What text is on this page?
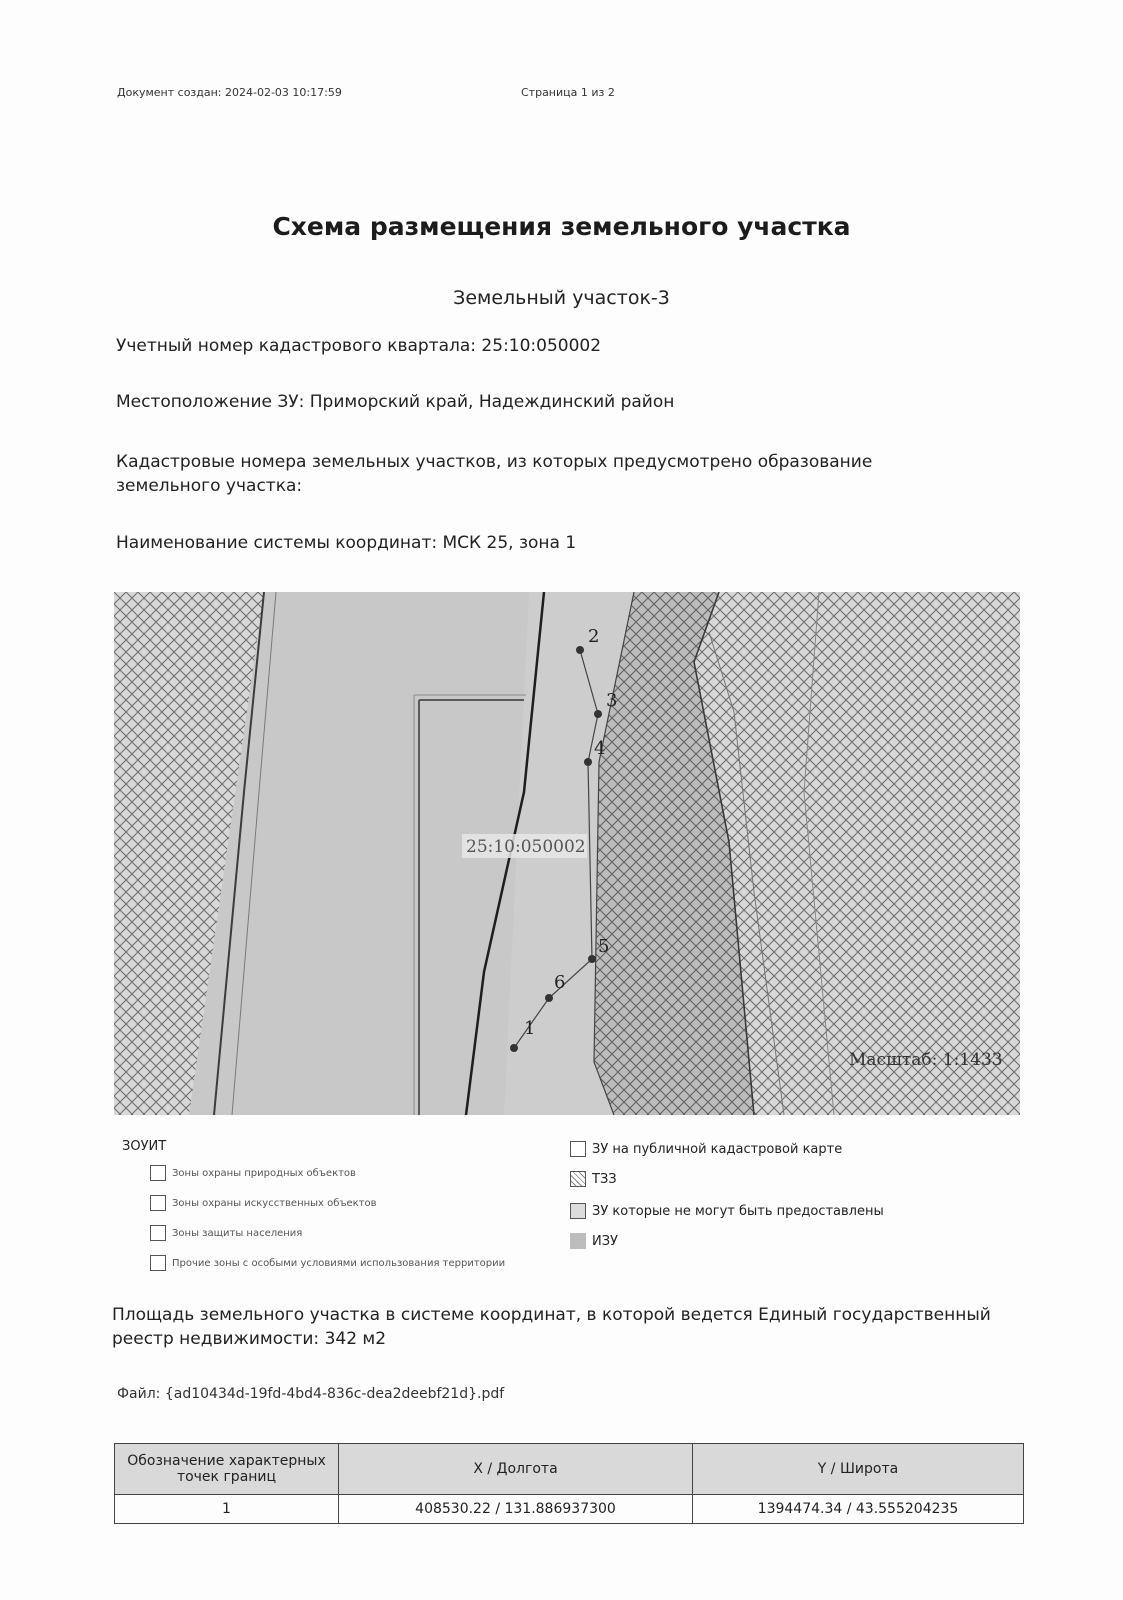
Документ создан: 2024-02-03 10:17:59	Страница 1 из 2
Схема размещения земельного участка
Земельный участок-3
Учетный номер кадастрового квартала: 25:10:050002
Местоположение ЗУ: Приморский край, Надеждинский район
Кадастровые номера земельных участков, из которых предусмотрено образование земельного участка:
Наименование системы координат: МСК 25, зона 1
25:10:050002
1
2
3
4
5
6
Масштаб: 1:1433
ЗОУИТ
Зоны охраны природных объектов
Зоны охраны искусственных объектов
Зоны защиты населения
Прочие зоны с особыми условиями использования территории
ЗУ на публичной кадастровой карте
ТЗЗ
ЗУ которые не могут быть предоставлены
ИЗУ
Площадь земельного участка в системе координат, в которой ведется Единый государственный реестр недвижимости: 342 м2
Файл: {ad10434d-19fd-4bd4-836c-dea2deebf21d}.pdf
Обозначение характерных точек границ	X / Долгота	Y / Широта
1	408530.22 / 131.886937300	1394474.34 / 43.555204235
